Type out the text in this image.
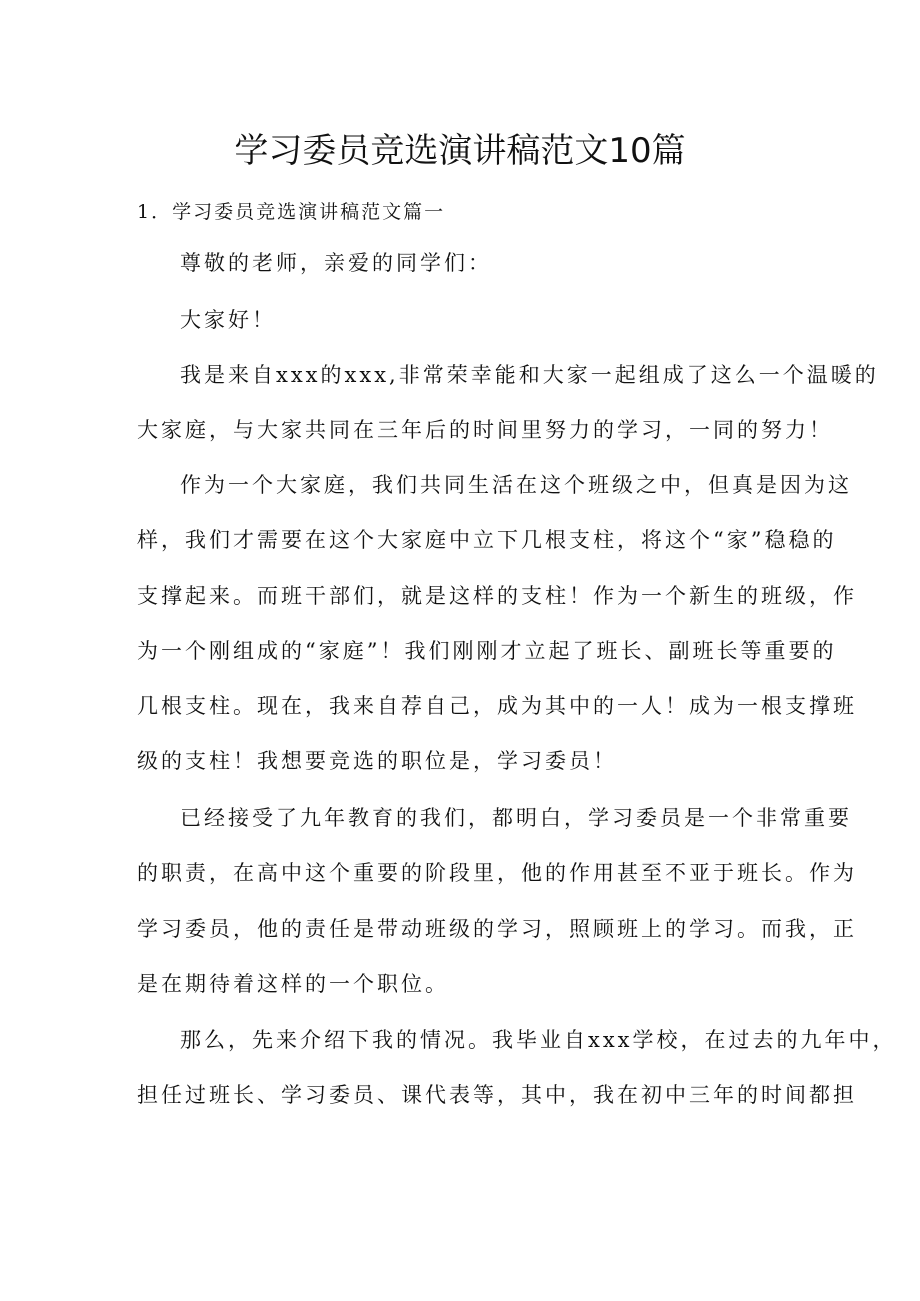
学习委员竞选演讲稿范文10篇
1．学习委员竞选演讲稿范文篇一
尊敬的老师，亲爱的同学们：
大家好！
我是来自xxx的xxx,非常荣幸能和大家一起组成了这么一个温暖的
大家庭，与大家共同在三年后的时间里努力的学习，一同的努力！
作为一个大家庭，我们共同生活在这个班级之中，但真是因为这
样，我们才需要在这个大家庭中立下几根支柱，将这个“家”稳稳的
支撑起来。而班干部们，就是这样的支柱！作为一个新生的班级，作
为一个刚组成的“家庭”！我们刚刚才立起了班长、副班长等重要的
几根支柱。现在，我来自荐自己，成为其中的一人！成为一根支撑班
级的支柱！我想要竞选的职位是，学习委员！
已经接受了九年教育的我们，都明白，学习委员是一个非常重要
的职责，在高中这个重要的阶段里，他的作用甚至不亚于班长。作为
学习委员，他的责任是带动班级的学习，照顾班上的学习。而我，正
是在期待着这样的一个职位。
那么，先来介绍下我的情况。我毕业自xxx学校，在过去的九年中，
担任过班长、学习委员、课代表等，其中，我在初中三年的时间都担
